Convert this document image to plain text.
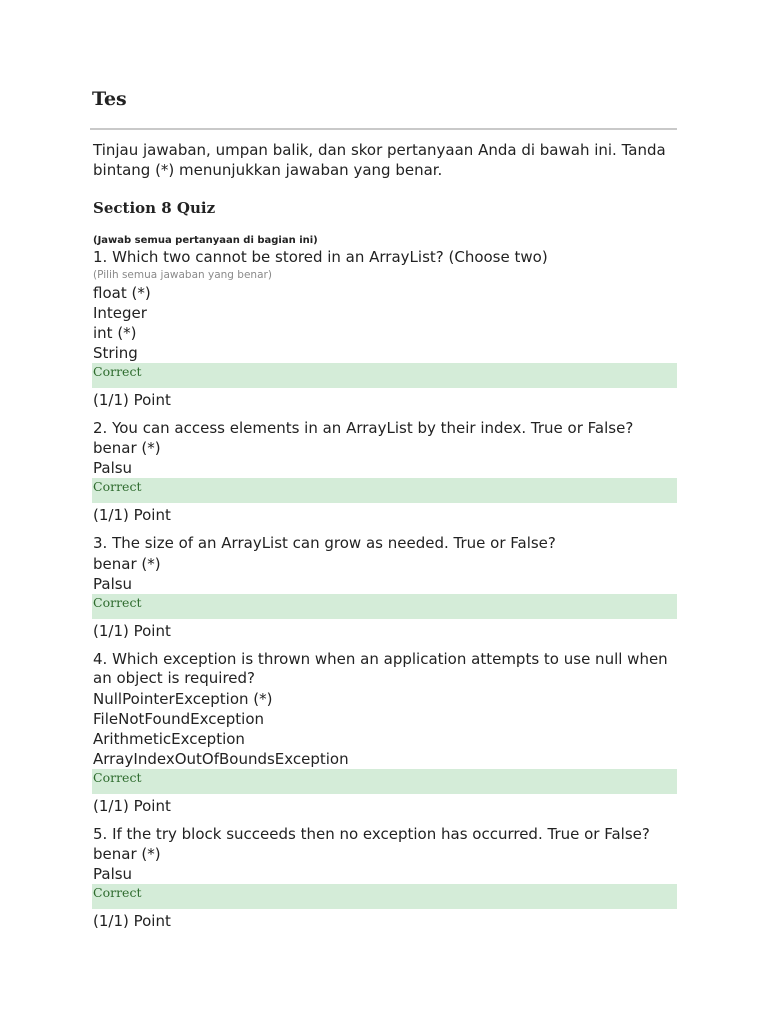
Tes
Tinjau jawaban, umpan balik, dan skor pertanyaan Anda di bawah ini. Tanda bintang (*) menunjukkan jawaban yang benar.
Section 8 Quiz
(Jawab semua pertanyaan di bagian ini)
1. Which two cannot be stored in an ArrayList? (Choose two)
(Pilih semua jawaban yang benar)
float (*)
Integer
int (*)
String
Correct
(1/1) Point
2. You can access elements in an ArrayList by their index. True or False?
benar (*)
Palsu
Correct
(1/1) Point
3. The size of an ArrayList can grow as needed. True or False?
benar (*)
Palsu
Correct
(1/1) Point
4. Which exception is thrown when an application attempts to use null when an object is required?
NullPointerException (*)
FileNotFoundException
ArithmeticException
ArrayIndexOutOfBoundsException
Correct
(1/1) Point
5. If the try block succeeds then no exception has occurred. True or False?
benar (*)
Palsu
Correct
(1/1) Point
